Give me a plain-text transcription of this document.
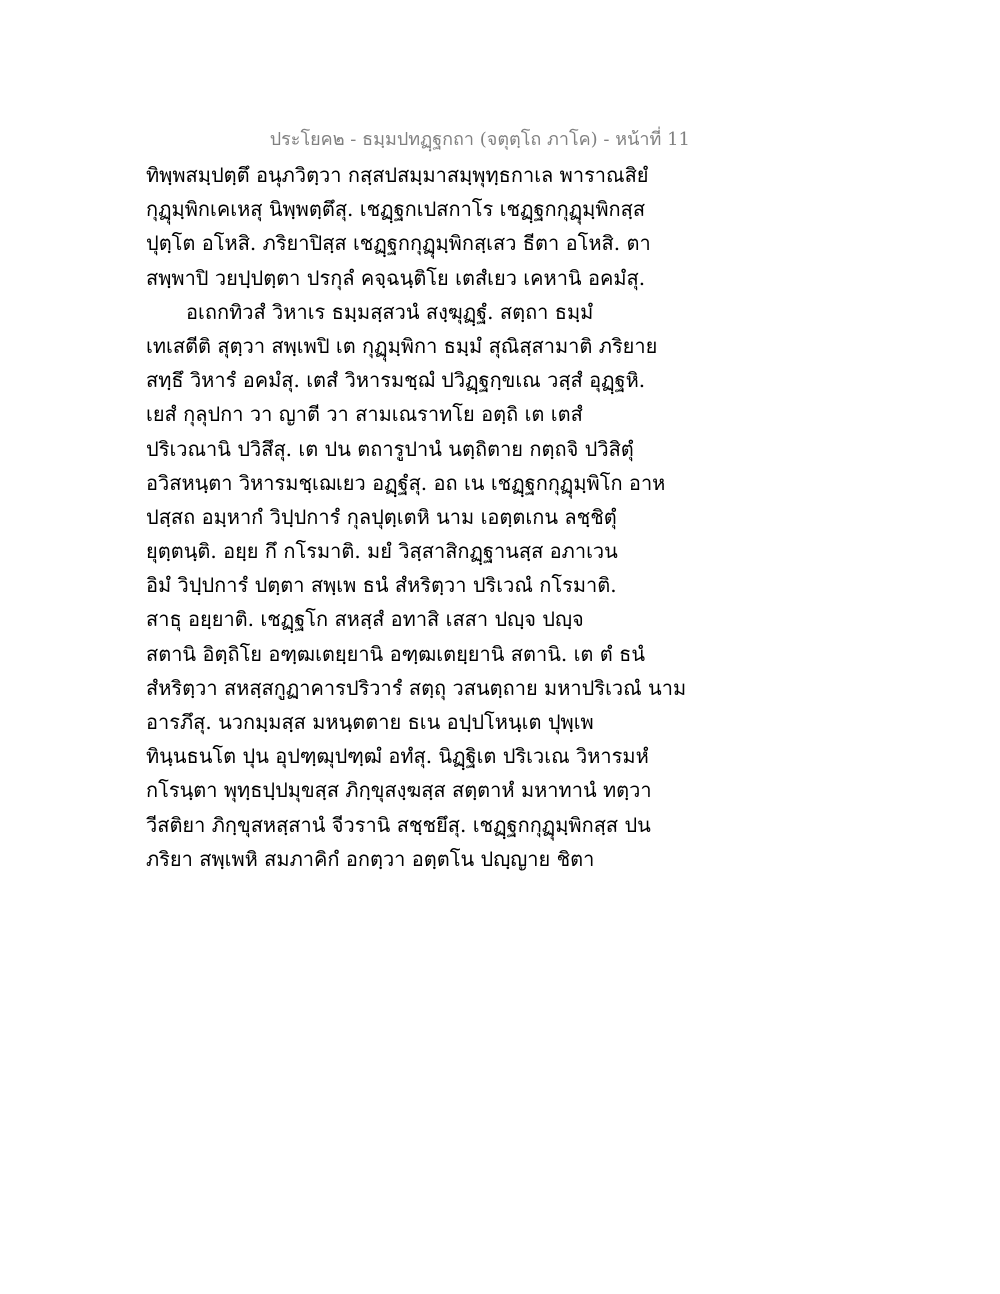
ประโยค๒ - ธมฺมปทฏฺฐกถา (จตุตฺโถ ภาโค) - หน้าที่ 11
ทิพฺพสมฺปตฺตึ อนุภวิตฺวา กสฺสปสมฺมาสมฺพุทฺธกาเล พาราณสิยํ
กุฏุมฺพิกเคเหสุ นิพฺพตฺตึสุ. เชฏฺฐกเปสกาโร เชฏฺฐกกุฏุมฺพิกสฺส
ปุตฺโต อโหสิ. ภริยาปิสฺส เชฏฺฐกกุฏุมฺพิกสฺเสว ธีตา อโหสิ. ตา
สพฺพาปิ วยปฺปตฺตา ปรกุลํ คจฺฉนฺติโย เตสํเยว เคหานิ อคมํสุ.
อเถกทิวสํ วิหาเร ธมฺมสฺสวนํ สงฺฆุฏฺฐํ. สตฺถา ธมฺมํ
เทเสตีติ สุตฺวา สพฺเพปิ เต กุฏุมฺพิกา ธมฺมํ สุณิสฺสามาติ ภริยาย
สทฺธึ วิหารํ อคมํสุ. เตสํ วิหารมชฺฌํ ปวิฏฺฐกฺขเณ วสฺสํ อุฏฺฐหิ.
เยสํ กุลุปกา วา ญาตี วา สามเณราทโย อตฺถิ เต เตสํ
ปริเวณานิ ปวิสึสุ. เต ปน ตถารูปานํ นตฺถิตาย กตฺถจิ ปวิสิตุํ
อวิสหนฺตา วิหารมชฺเฌเยว อฏฺฐํสุ. อถ เน เชฏฺฐกกุฏุมฺพิโก อาห
ปสฺสถ อมฺหากํ วิปฺปการํ กุลปุตฺเตหิ นาม เอตฺตเกน ลชฺชิตุํ
ยุตฺตนฺติ. อยฺย กึ กโรมาติ. มยํ วิสฺสาสิกฏฺฐานสฺส อภาเวน
อิมํ วิปฺปการํ ปตฺตา สพฺเพ ธนํ สํหริตฺวา ปริเวณํ กโรมาติ.
สาธุ อยฺยาติ. เชฏฺฐโก สหสฺสํ อทาสิ เสสา ปญฺจ ปญฺจ
สตานิ อิตฺถิโย อฑฺฒเตยฺยานิ อฑฺฒเตยฺยานิ สตานิ. เต ตํ ธนํ
สํหริตฺวา สหสฺสกูฏาคารปริวารํ สตฺถุ วสนตฺถาย มหาปริเวณํ นาม
อารภึสุ. นวกมฺมสฺส มหนฺตตาย ธเน อปฺปโหนฺเต ปุพฺเพ
ทินฺนธนโต ปุน อุปฑฺฒุปฑฺฒํ อทํสุ. นิฏฺฐิเต ปริเวเณ วิหารมหํ
กโรนฺตา พุทฺธปฺปมุขสฺส ภิกฺขุสงฺฆสฺส สตฺตาหํ มหาทานํ ทตฺวา
วีสติยา ภิกฺขุสหสฺสานํ จีวรานิ สชฺชยึสุ. เชฏฺฐกกุฏุมฺพิกสฺส ปน
ภริยา สพฺเพหิ สมภาคิกํ อกตฺวา อตฺตโน ปญฺญาย ชิตา
